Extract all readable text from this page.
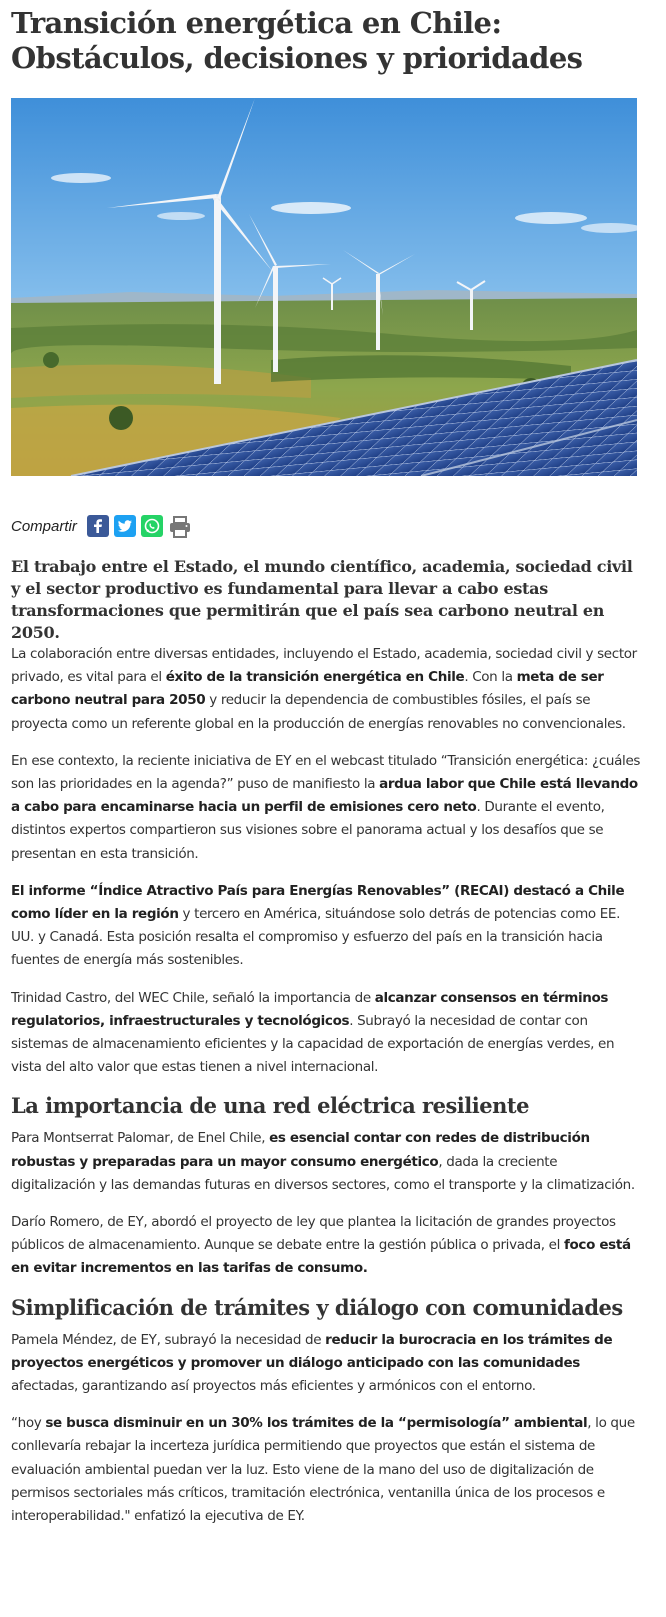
Transición energética en Chile:
Obstáculos, decisiones y prioridades
Compartir

El trabajo entre el Estado, el mundo científico, academia, sociedad civil y el sector productivo es fundamental para llevar a cabo estas transformaciones que permitirán que el país sea carbono neutral en 2050.

La colaboración entre diversas entidades, incluyendo el Estado, academia, sociedad civil y sector privado, es vital para el éxito de la transición energética en Chile. Con la meta de ser carbono neutral para 2050 y reducir la dependencia de combustibles fósiles, el país se proyecta como un referente global en la producción de energías renovables no convencionales.

En ese contexto, la reciente iniciativa de EY en el webcast titulado “Transición energética: ¿cuáles son las prioridades en la agenda?” puso de manifiesto la ardua labor que Chile está llevando a cabo para encaminarse hacia un perfil de emisiones cero neto. Durante el evento, distintos expertos compartieron sus visiones sobre el panorama actual y los desafíos que se presentan en esta transición.

El informe “Índice Atractivo País para Energías Renovables” (RECAI) destacó a Chile como líder en la región y tercero en América, situándose solo detrás de potencias como EE. UU. y Canadá. Esta posición resalta el compromiso y esfuerzo del país en la transición hacia fuentes de energía más sostenibles.

Trinidad Castro, del WEC Chile, señaló la importancia de alcanzar consensos en términos regulatorios, infraestructurales y tecnológicos. Subrayó la necesidad de contar con sistemas de almacenamiento eficientes y la capacidad de exportación de energías verdes, en vista del alto valor que estas tienen a nivel internacional.

La importancia de una red eléctrica resiliente

Para Montserrat Palomar, de Enel Chile, es esencial contar con redes de distribución robustas y preparadas para un mayor consumo energético, dada la creciente digitalización y las demandas futuras en diversos sectores, como el transporte y la climatización.

Darío Romero, de EY, abordó el proyecto de ley que plantea la licitación de grandes proyectos públicos de almacenamiento. Aunque se debate entre la gestión pública o privada, el foco está en evitar incrementos en las tarifas de consumo.

Simplificación de trámites y diálogo con comunidades

Pamela Méndez, de EY, subrayó la necesidad de reducir la burocracia en los trámites de proyectos energéticos y promover un diálogo anticipado con las comunidades afectadas, garantizando así proyectos más eficientes y armónicos con el entorno.

“hoy se busca disminuir en un 30% los trámites de la “permisología” ambiental, lo que conllevaría rebajar la incerteza jurídica permitiendo que proyectos que están el sistema de evaluación ambiental puedan ver la luz. Esto viene de la mano del uso de digitalización de permisos sectoriales más críticos, tramitación electrónica, ventanilla única de los procesos e interoperabilidad." enfatizó la ejecutiva de EY.
